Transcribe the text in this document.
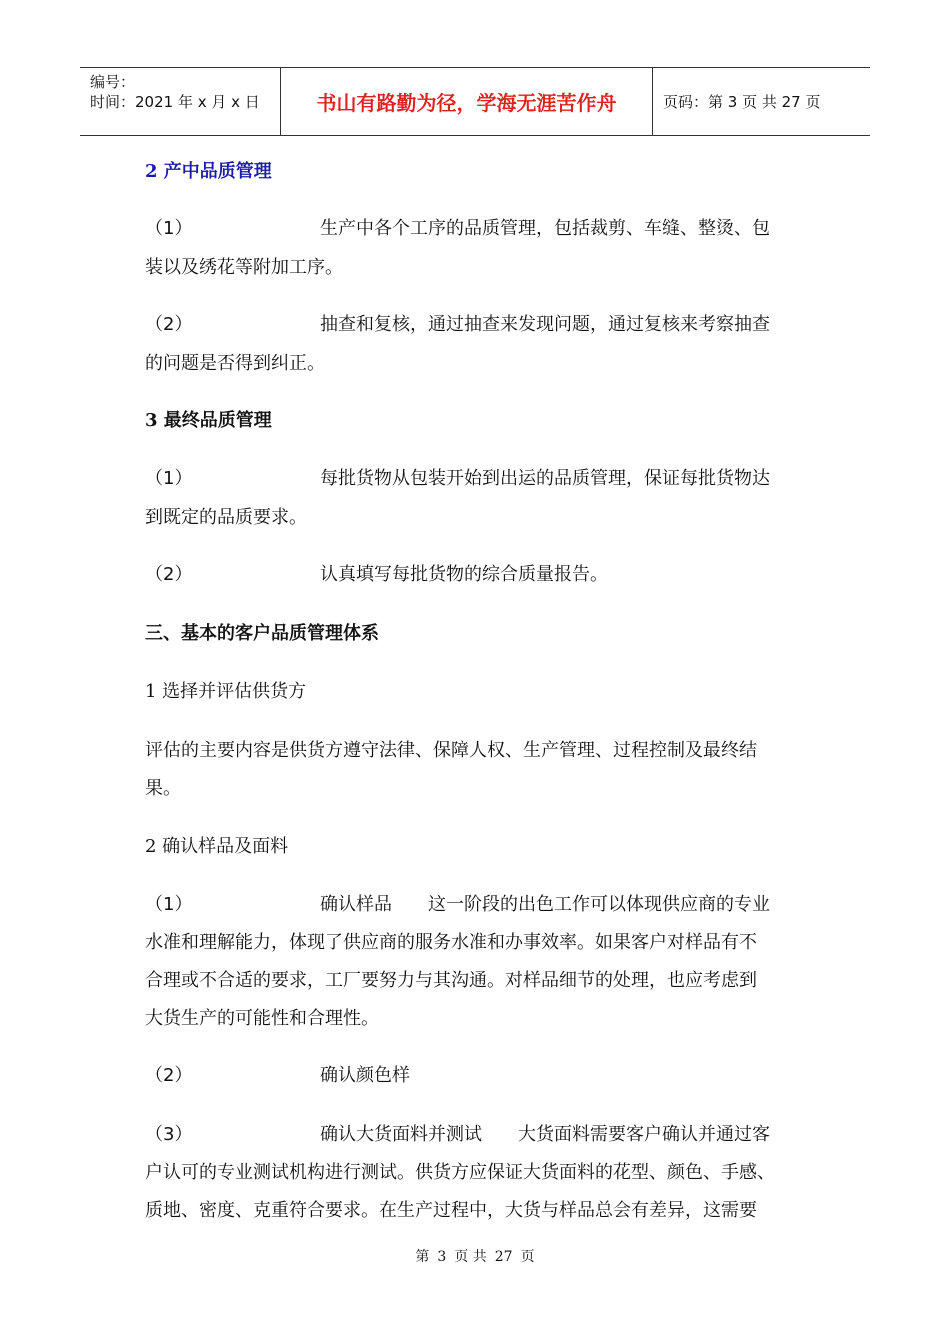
编号：
时间：2021 年 x 月 x 日	书山有路勤为径，学海无涯苦作舟	页码：第 3 页 共 27 页
2 产中品质管理
（1）	生产中各个工序的品质管理，包括裁剪、车缝、整烫、包
装以及绣花等附加工序。
（2）	抽查和复核，通过抽查来发现问题，通过复核来考察抽查
的问题是否得到纠正。
3 最终品质管理
（1）	每批货物从包装开始到出运的品质管理，保证每批货物达
到既定的品质要求。
（2）	认真填写每批货物的综合质量报告。
三、基本的客户品质管理体系
1 选择并评估供货方
评估的主要内容是供货方遵守法律、保障人权、生产管理、过程控制及最终结
果。
2 确认样品及面料
（1）	确认样品 这一阶段的出色工作可以体现供应商的专业
水准和理解能力，体现了供应商的服务水准和办事效率。如果客户对样品有不
合理或不合适的要求，工厂要努力与其沟通。对样品细节的处理，也应考虑到
大货生产的可能性和合理性。
（2）	确认颜色样
（3）	确认大货面料并测试 大货面料需要客户确认并通过客
户认可的专业测试机构进行测试。供货方应保证大货面料的花型、颜色、手感、
质地、密度、克重符合要求。在生产过程中，大货与样品总会有差异，这需要
第 3 页 共 27 页
